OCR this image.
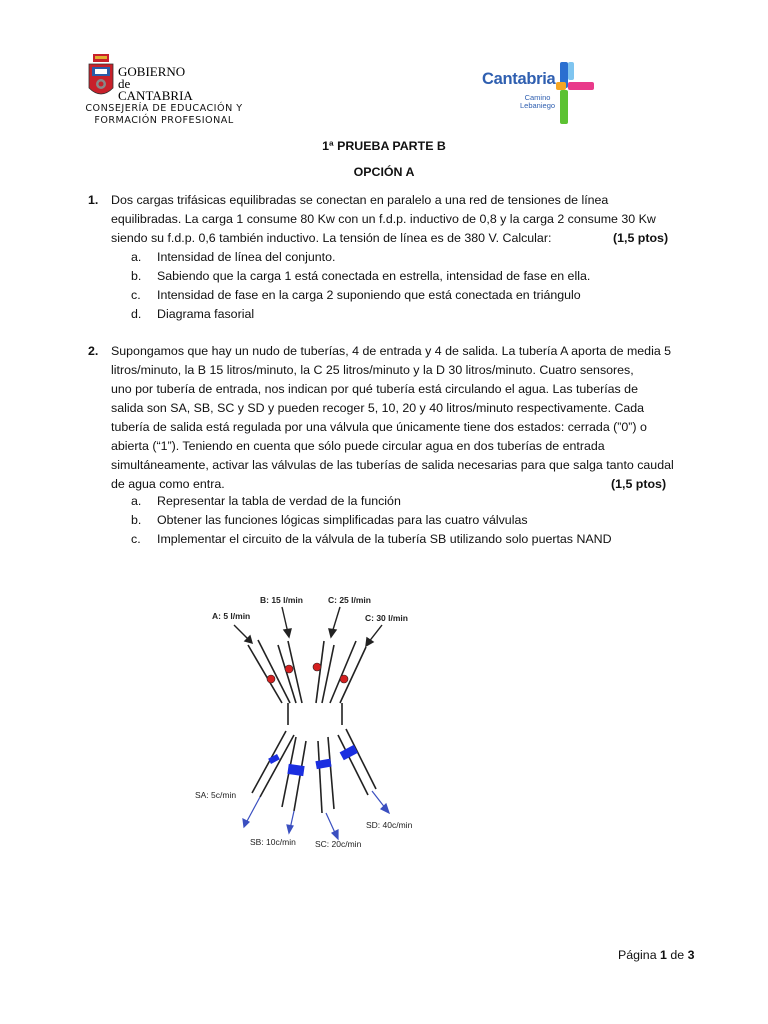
GOBIERNO
de
CANTABRIA
CONSEJERÍA DE EDUCACIÓN Y
FORMACIÓN PROFESIONAL
Cantabria
Camino
Lebaniego
1ª PRUEBA PARTE B
OPCIÓN A
1. Dos cargas trifásicas equilibradas se conectan en paralelo a una red de tensiones de línea
equilibradas. La carga 1 consume 80 Kw con un f.d.p. inductivo de 0,8 y la carga 2 consume 30 Kw
siendo su f.d.p. 0,6 también inductivo. La tensión de línea es de 380 V. Calcular:	(1,5 ptos)
a. Intensidad de línea del conjunto.
b. Sabiendo que la carga 1 está conectada en estrella, intensidad de fase en ella.
c. Intensidad de fase en la carga 2 suponiendo que está conectada en triángulo
d. Diagrama fasorial
2. Supongamos que hay un nudo de tuberías, 4 de entrada y 4 de salida. La tubería A aporta de media 5
litros/minuto, la B 15 litros/minuto, la C 25 litros/minuto y la D 30 litros/minuto. Cuatro sensores,
uno por tubería de entrada, nos indican por qué tubería está circulando el agua. Las tuberías de
salida son SA, SB, SC y SD y pueden recoger 5, 10, 20 y 40 litros/minuto respectivamente. Cada
tubería de salida está regulada por una válvula que únicamente tiene dos estados: cerrada (”0”) o
abierta (“1”). Teniendo en cuenta que sólo puede circular agua en dos tuberías de entrada
simultáneamente, activar las válvulas de las tuberías de salida necesarias para que salga tanto caudal
de agua como entra.	(1,5 ptos)
a. Representar la tabla de verdad de la función
b. Obtener las funciones lógicas simplificadas para las cuatro válvulas
c. Implementar el circuito de la válvula de la tubería SB utilizando solo puertas NAND
A: 5 l/min
B: 15 l/min	C: 25 l/min
C: 30 l/min
SA: 5c/min
SB: 10c/min SC: 20c/min
SD: 40c/min
Página 1 de 3
